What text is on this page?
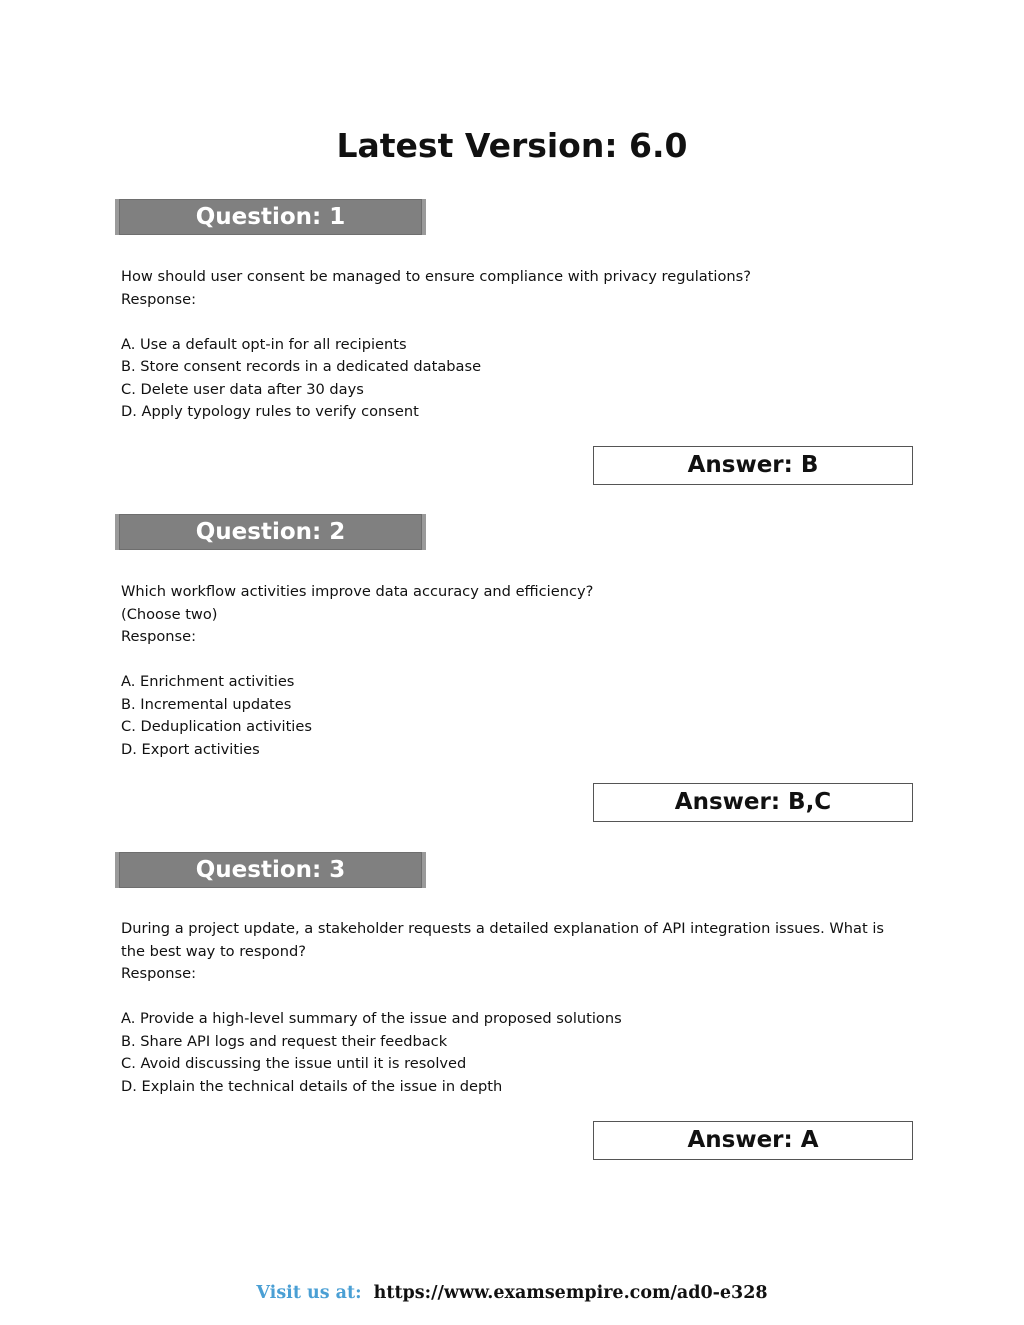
Latest Version: 6.0
Question: 1
How should user consent be managed to ensure compliance with privacy regulations?
Response:
A. Use a default opt-in for all recipients
B. Store consent records in a dedicated database
C. Delete user data after 30 days
D. Apply typology rules to verify consent
Answer: B
Question: 2
Which workflow activities improve data accuracy and efficiency?
(Choose two)
Response:
A. Enrichment activities
B. Incremental updates
C. Deduplication activities
D. Export activities
Answer: B,C
Question: 3
During a project update, a stakeholder requests a detailed explanation of API integration issues. What is
the best way to respond?
Response:
A. Provide a high-level summary of the issue and proposed solutions
B. Share API logs and request their feedback
C. Avoid discussing the issue until it is resolved
D. Explain the technical details of the issue in depth
Answer: A
Visit us at: https://www.examsempire.com/ad0-e328
